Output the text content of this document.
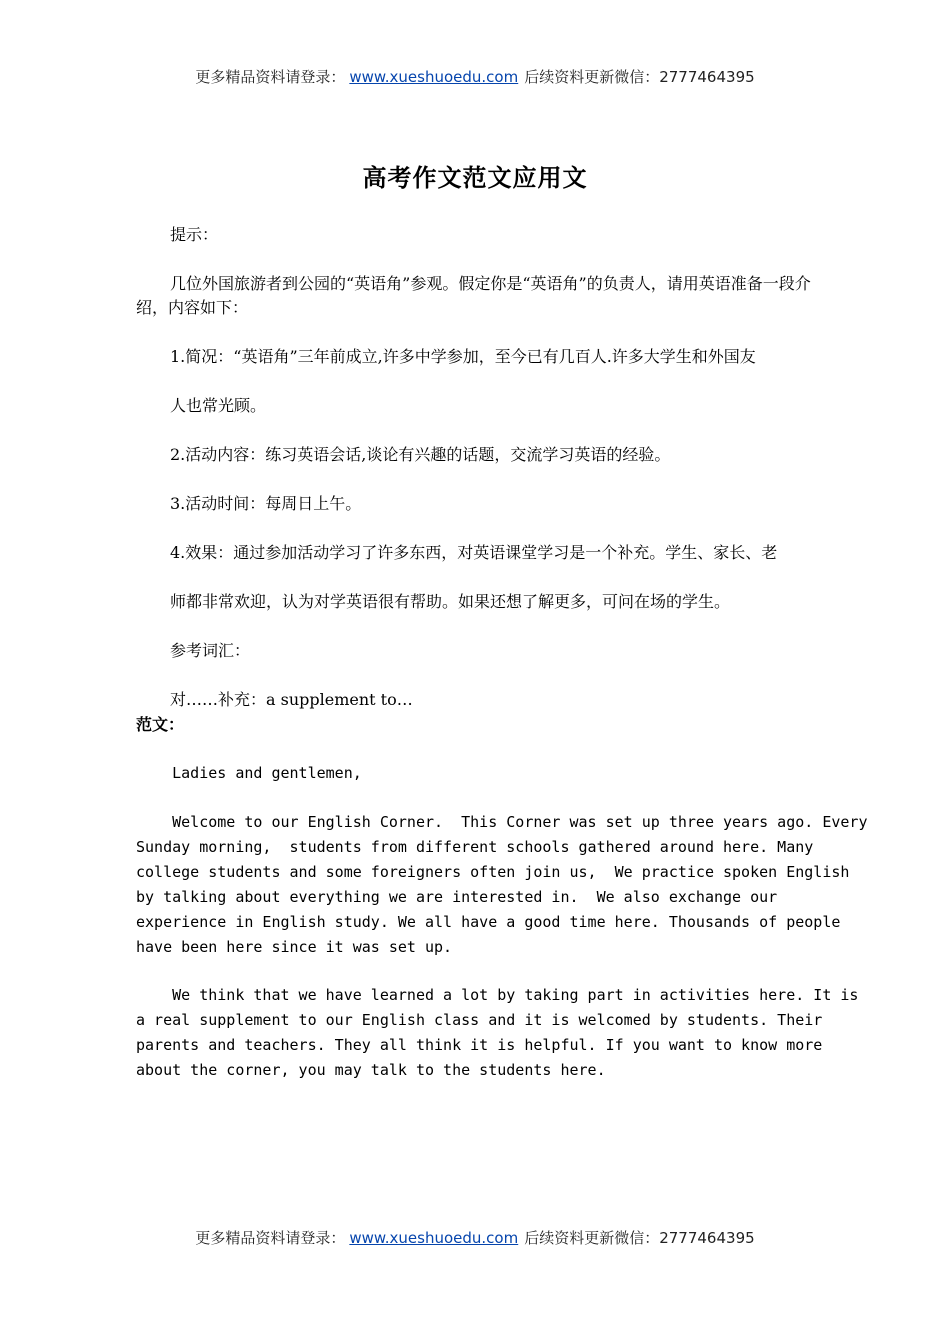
更多精品资料请登录： www.xueshuoedu.com 后续资料更新微信：2777464395
高考作文范文应用文
提示：
几位外国旅游者到公园的“英语角”参观。假定你是“英语角”的负责人，请用英语准备一段介绍，内容如下：
1.简况：“英语角”三年前成立,许多中学参加，至今已有几百人.许多大学生和外国友
人也常光顾。
2.活动内容：练习英语会话,谈论有兴趣的话题，交流学习英语的经验。
3.活动时间：每周日上午。
4.效果：通过参加活动学习了许多东西，对英语课堂学习是一个补充。学生、家长、老
师都非常欢迎，认为对学英语很有帮助。如果还想了解更多，可问在场的学生。
参考词汇：
对……补充：a supplement to…
范文：
Ladies and gentlemen,
Welcome to our English Corner.  This Corner was set up three years ago. Every
Sunday morning,  students from different schools gathered around here. Many
college students and some foreigners often join us,  We practice spoken English
by talking about everything we are interested in.  We also exchange our
experience in English study. We all have a good time here. Thousands of people
have been here since it was set up.
We think that we have learned a lot by taking part in activities here. It is
a real supplement to our English class and it is welcomed by students. Their
parents and teachers. They all think it is helpful. If you want to know more
about the corner, you may talk to the students here.
更多精品资料请登录： www.xueshuoedu.com 后续资料更新微信：2777464395
